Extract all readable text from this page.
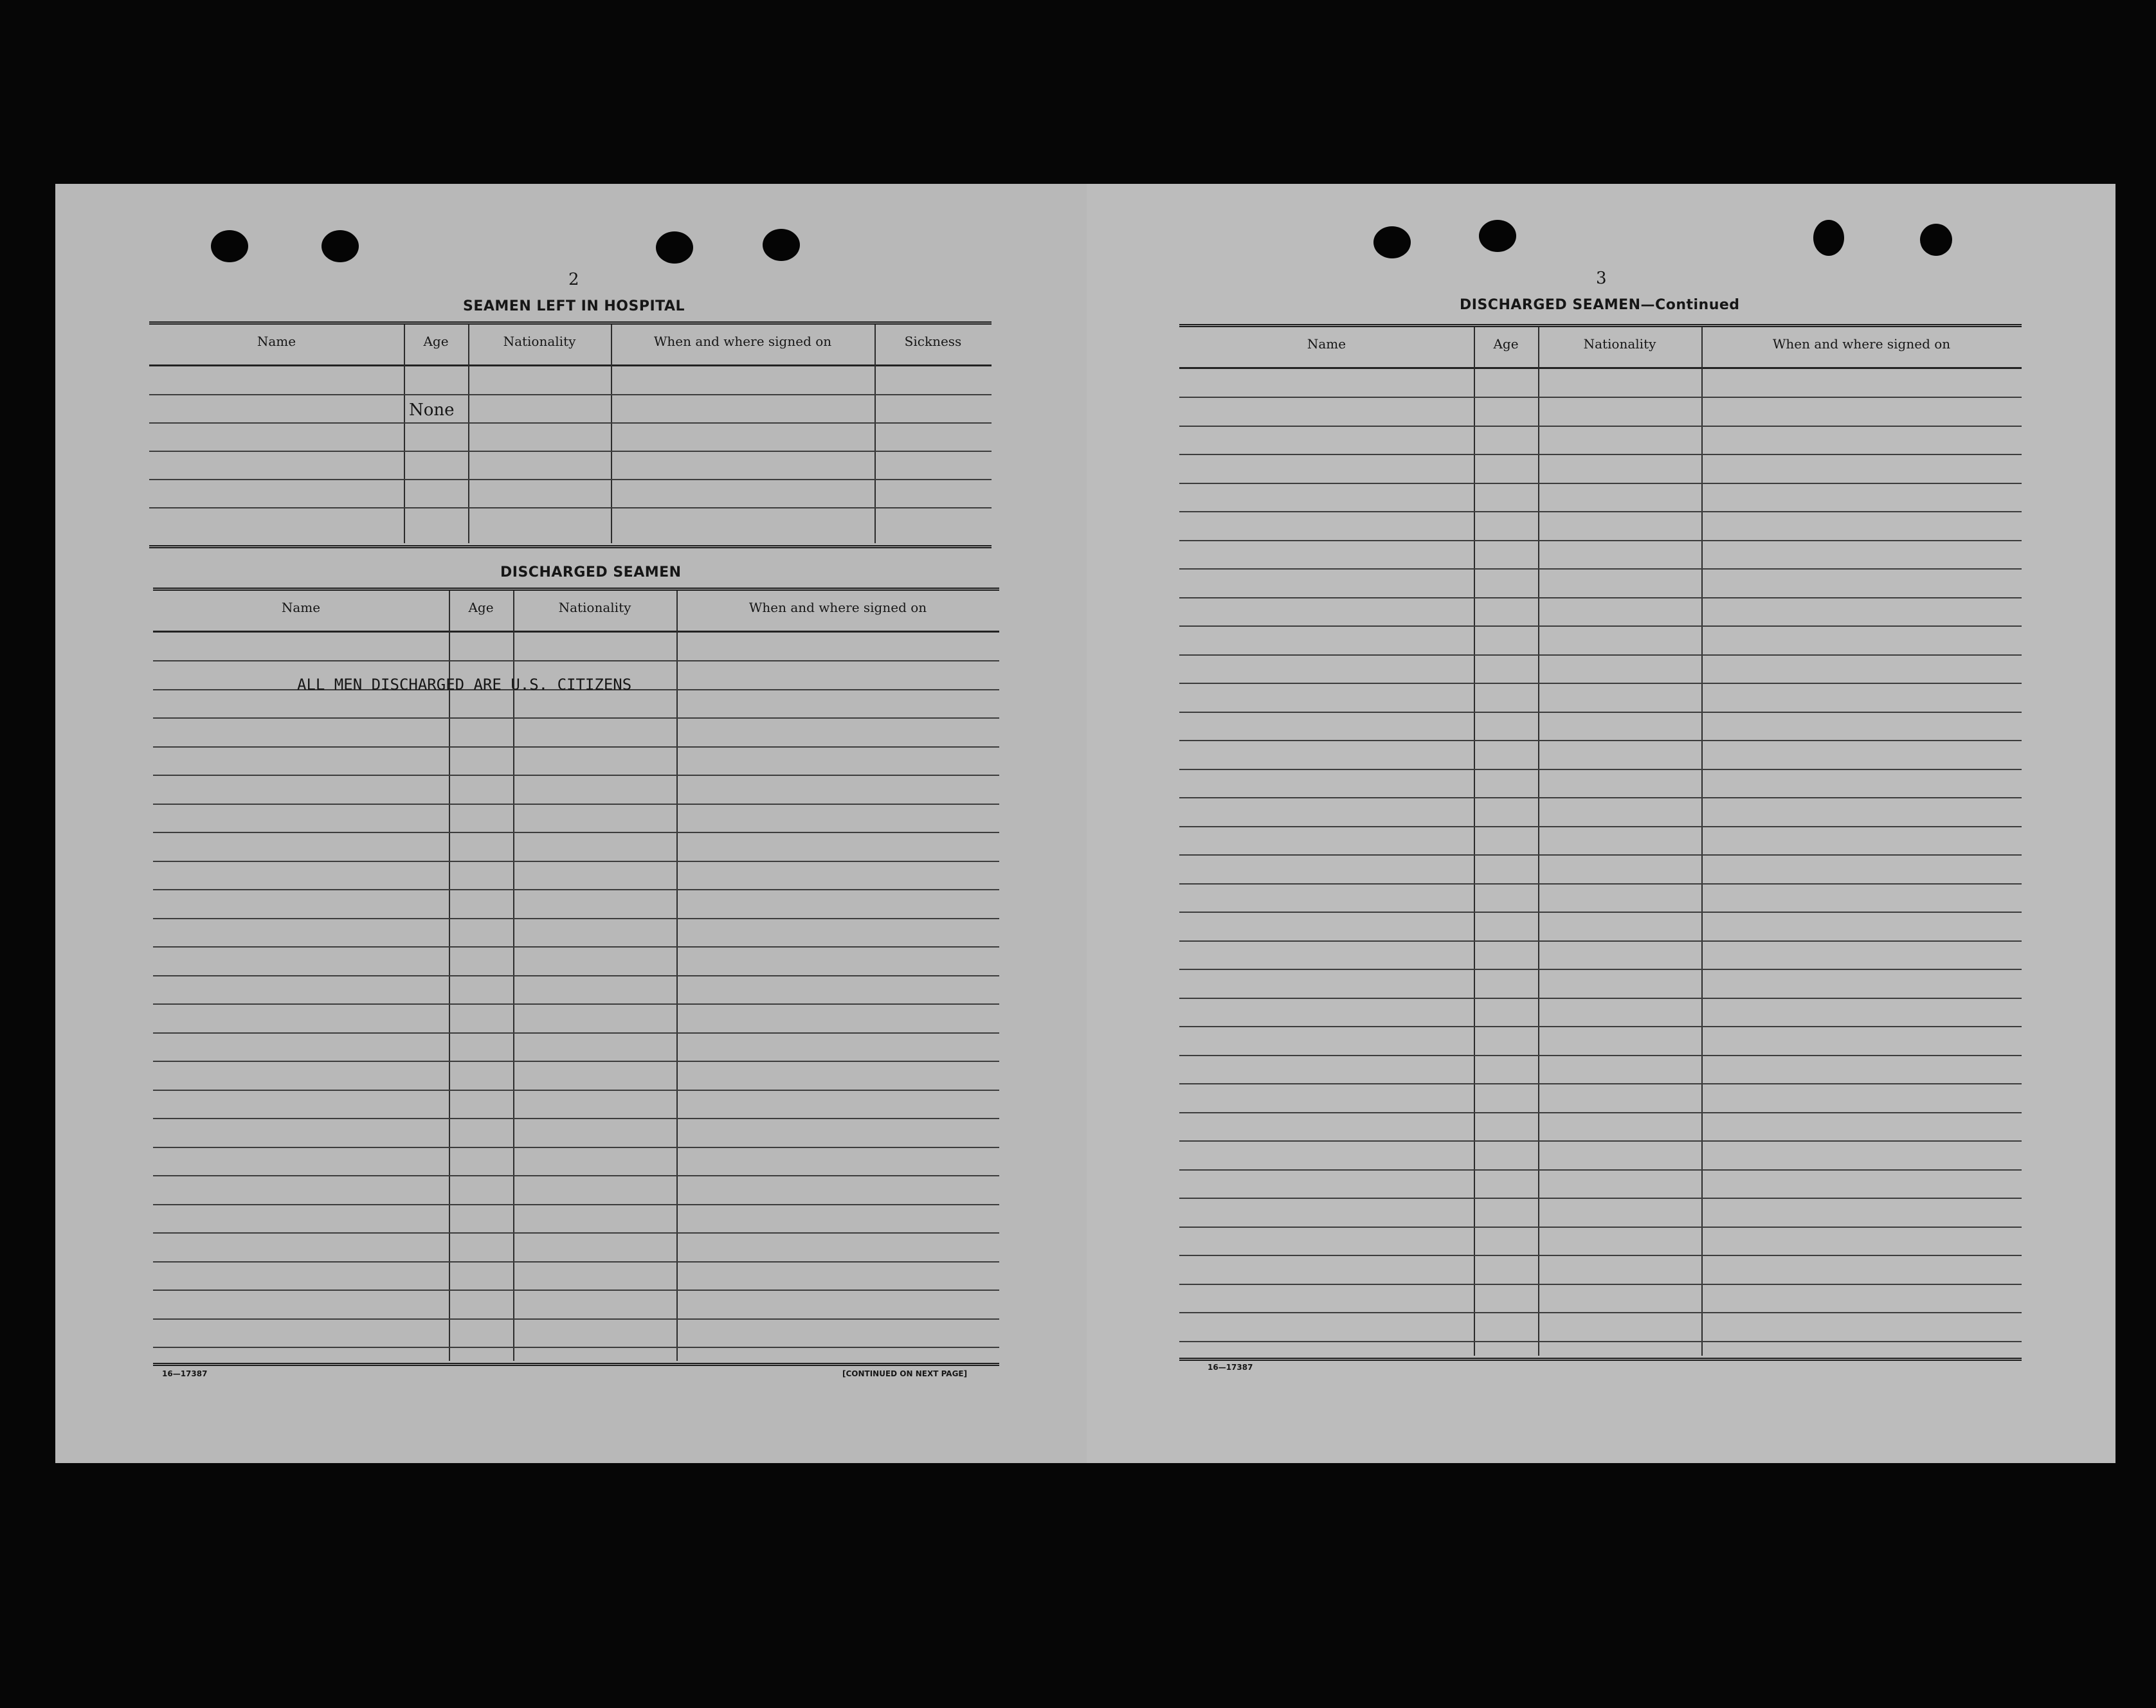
2
SEAMEN LEFT IN HOSPITAL
Name	Age	Nationality	When and where signed on	Sickness
None
DISCHARGED SEAMEN
Name	Age	Nationality	When and where signed on
ALL MEN DISCHARGED ARE U.S. CITIZENS
16—17387	[CONTINUED ON NEXT PAGE]
3
DISCHARGED SEAMEN—Continued
Name	Age	Nationality	When and where signed on
16—17387
